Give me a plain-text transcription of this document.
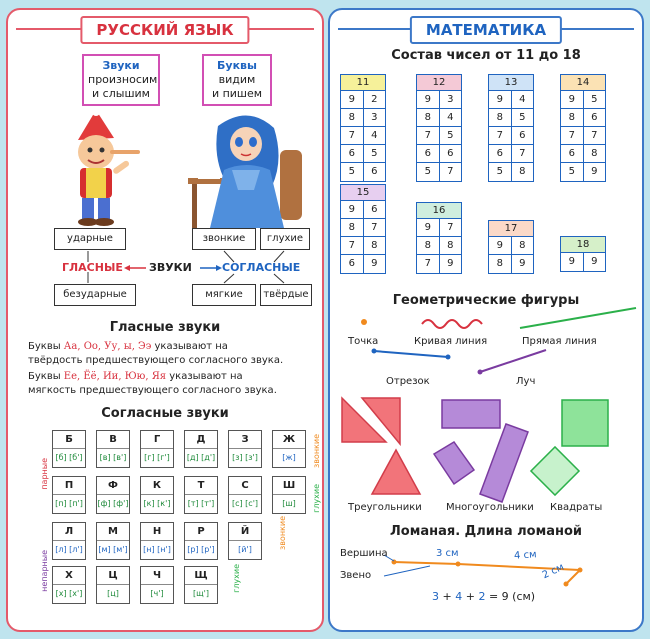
РУССКИЙ ЯЗЫК
Звуки
произносим
и слышим
Буквы
видим
и пишем
ударные
безударные
звонкие	глухие
мягкие	твёрдые
ГЛАСНЫЕ ЗВУКИ	СОГЛАСНЫЕ
Гласные звуки
Буквы Аа, Оо, Уу, ы, Ээ указывают на
твёрдость предшествующего согласного звука.
Буквы Ее, Ёё, Ии, Юю, Яя указывают на
мягкость предшествующего согласного звука.
Согласные звуки
парные
непарные
звонкие
глухие
звонкие
глухие
Б
[б] [б']
В
[в] [в']
Г
[г] [г']
Д
[д] [д']
З
[з] [з']
Ж
[ж]
П
[п] [п']
Ф
[ф] [ф']
К
[к] [к']
Т
[т] [т']
С
[с] [с']
Ш
[ш]
Л
[л] [л']
М
[м] [м']
Н
[н] [н']
Р
[р] [р']
Й
[й']
Х
[х] [х']
Ц
[ц]
Ч
[ч']
Щ
[щ']
МАТЕМАТИКА
Состав чисел от 11 до 18
11
9	2
8	3
7	4
6	5
5	6
12
9	3
8	4
7	5
6	6
5	7
13
9	4
8	5
7	6
6	7
5	8
14
9	5
8	6
7	7
6	8
5	9
15
9	6
8	7
7	8
6	9
16
9	7
8	8
7	9
17
9	8
8	9
18
9	9
Геометрические фигуры
Точка	Кривая линия	Прямая линия
Отрезок	Луч
Треугольники Многоугольники Квадраты
Ломаная. Длина ломаной
Вершина
Звено
3 см	4 см
2 см
3 + 4 + 2 = 9 (см)
